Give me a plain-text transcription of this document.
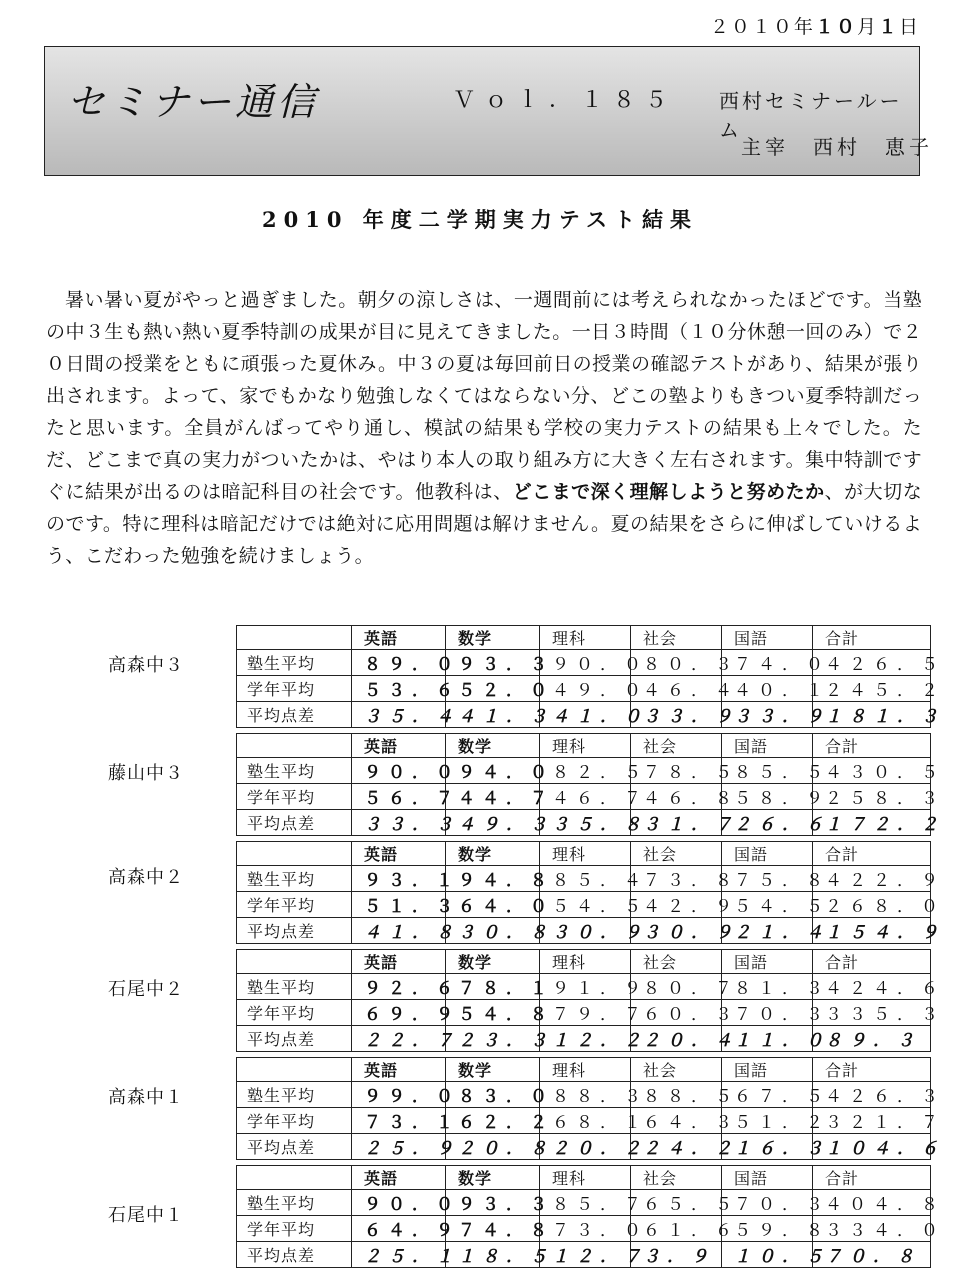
２０１０年１０月１日
セミナー通信	Ｖｏｌ．１８５ 西村セミナールーム
主宰　西村　恵子
2010 年度二学期実力テスト結果

暑い暑い夏がやっと過ぎました。朝夕の涼しさは、一週間前には考えられなかったほどです。当塾の中３生も熱い熱い夏季特訓の成果が目に見えてきました。一日３時間（１０分休憩一回のみ）で２０日間の授業をともに頑張った夏休み。中３の夏は毎回前日の授業の確認テストがあり、結果が張り出されます。よって、家でもかなり勉強しなくてはならない分、どこの塾よりもきつい夏季特訓だったと思います。全員がんばってやり通し、模試の結果も学校の実力テストの結果も上々でした。ただ、どこまで真の実力がついたかは、やはり本人の取り組み方に大きく左右されます。集中特訓ですぐに結果が出るのは暗記科目の社会です。他教科は、どこまで深く理解しようと努めたか、が大切なのです。特に理科は暗記だけでは絶対に応用問題は解けません。夏の結果をさらに伸ばしていけるよう、こだわった勉強を続けましょう。

高森中３
	英語	数学	理科	社会	国語	合計
塾生平均	８９．０	９３．３	９０．０	８０．３	７４．０	４２６．５
学年平均	５３．６	５２．０	４９．０	４６．４	４０．１	２４５．２
平均点差	３５．４	４１．３	４１．０	３３．９	３３．９	１８１．３
藤山中３
	英語	数学	理科	社会	国語	合計
塾生平均	９０．０	９４．０	８２．５	７８．５	８５．５	４３０．５
学年平均	５６．７	４４．７	４６．７	４６．８	５８．９	２５８．３
平均点差	３３．３	４９．３	３５．８	３１．７	２６．６	１７２．２
高森中２
	英語	数学	理科	社会	国語	合計
塾生平均	９３．１	９４．８	８５．４	７３．８	７５．８	４２２．９
学年平均	５１．３	６４．０	５４．５	４２．９	５４．５	２６８．０
平均点差	４１．８	３０．８	３０．９	３０．９	２１．４	１５４．９
石尾中２
	英語	数学	理科	社会	国語	合計
塾生平均	９２．６	７８．１	９１．９	８０．７	８１．３	４２４．６
学年平均	６９．９	５４．８	７９．７	６０．３	７０．３	３３５．３
平均点差	２２．７	２３．３	１２．２	２０．４	１１．０	８９．３
高森中１
	英語	数学	理科	社会	国語	合計
塾生平均	９９．０	８３．０	８８．３	８８．５	６７．５	４２６．３
学年平均	７３．１	６２．２	６８．１	６４．３	５１．２	３２１．７
平均点差	２５．９	２０．８	２０．２	２４．２	１６．３	１０４．６
石尾中１
	英語	数学	理科	社会	国語	合計
塾生平均	９０．０	９３．３	８５．７	６５．５	７０．３	４０４．８
学年平均	６４．９	７４．８	７３．０	６１．６	５９．８	３３４．０
平均点差	２５．１	１８．５	１２．７	３．９	１０．５	７０．８
